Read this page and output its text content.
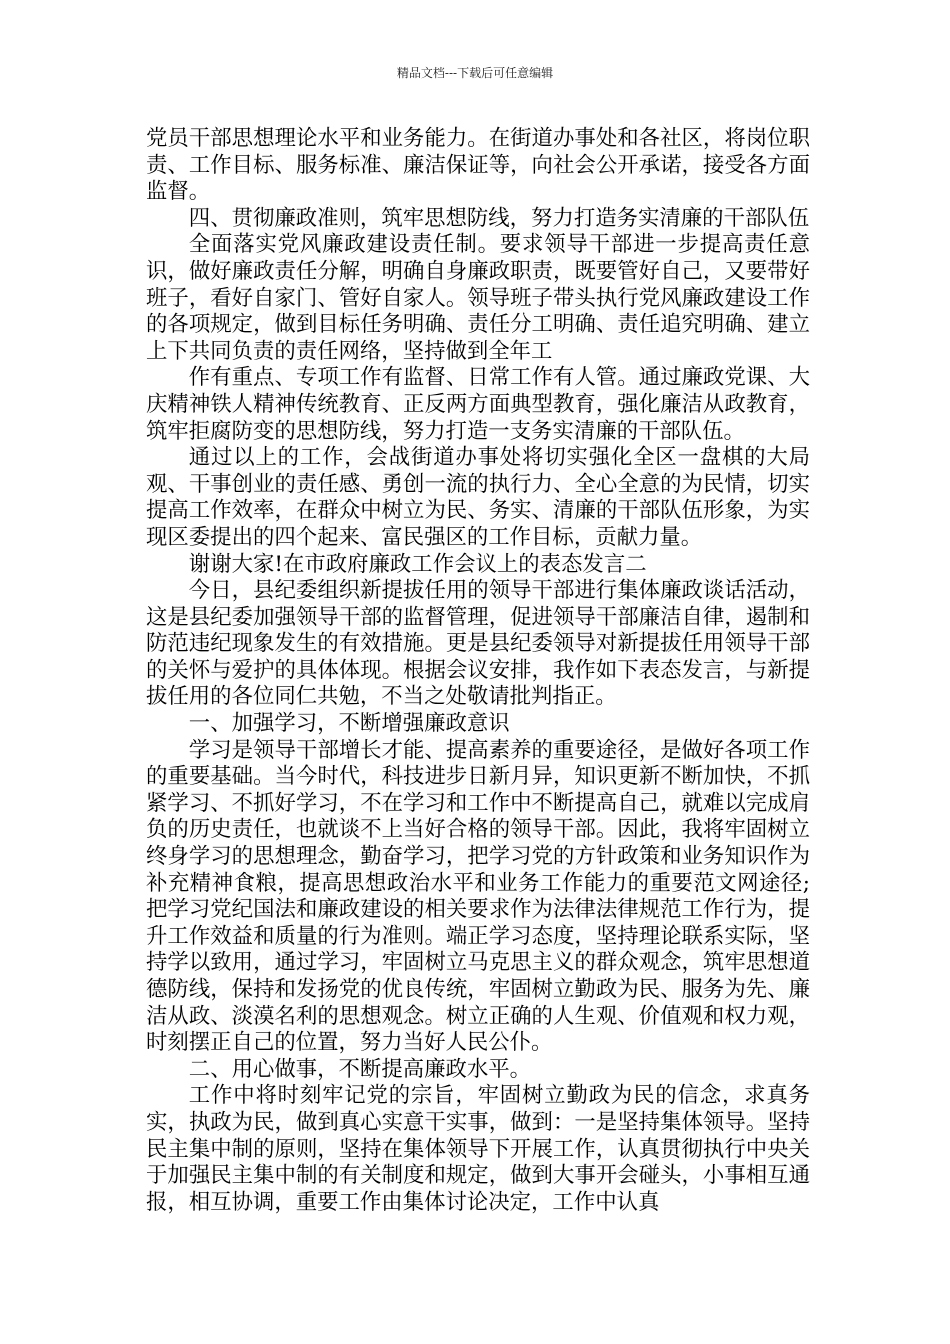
精品文档---下载后可任意编辑

党员干部思想理论水平和业务能力。在街道办事处和各社区，将岗位职责、工作目标、服务标准、廉洁保证等，向社会公开承诺，接受各方面监督。

四、贯彻廉政准则，筑牢思想防线，努力打造务实清廉的干部队伍

全面落实党风廉政建设责任制。要求领导干部进一步提高责任意识，做好廉政责任分解，明确自身廉政职责，既要管好自己，又要带好班子，看好自家门、管好自家人。领导班子带头执行党风廉政建设工作的各项规定，做到目标任务明确、责任分工明确、责任追究明确、建立上下共同负责的责任网络，坚持做到全年工

作有重点、专项工作有监督、日常工作有人管。通过廉政党课、大庆精神铁人精神传统教育、正反两方面典型教育，强化廉洁从政教育，筑牢拒腐防变的思想防线，努力打造一支务实清廉的干部队伍。

通过以上的工作，会战街道办事处将切实强化全区一盘棋的大局观、干事创业的责任感、勇创一流的执行力、全心全意的为民情，切实提高工作效率，在群众中树立为民、务实、清廉的干部队伍形象，为实现区委提出的四个起来、富民强区的工作目标，贡献力量。

谢谢大家!在市政府廉政工作会议上的表态发言二

今日，县纪委组织新提拔任用的领导干部进行集体廉政谈话活动，这是县纪委加强领导干部的监督管理，促进领导干部廉洁自律，遏制和防范违纪现象发生的有效措施。更是县纪委领导对新提拔任用领导干部的关怀与爱护的具体体现。根据会议安排，我作如下表态发言，与新提拔任用的各位同仁共勉，不当之处敬请批判指正。

一、加强学习，不断增强廉政意识

学习是领导干部增长才能、提高素养的重要途径，是做好各项工作的重要基础。当今时代，科技进步日新月异，知识更新不断加快，不抓紧学习、不抓好学习，不在学习和工作中不断提高自己，就难以完成肩负的历史责任，也就谈不上当好合格的领导干部。因此，我将牢固树立终身学习的思想理念，勤奋学习，把学习党的方针政策和业务知识作为补充精神食粮，提高思想政治水平和业务工作能力的重要范文网途径;把学习党纪国法和廉政建设的相关要求作为法律法律规范工作行为，提升工作效益和质量的行为准则。端正学习态度，坚持理论联系实际，坚持学以致用，通过学习，牢固树立马克思主义的群众观念，筑牢思想道德防线，保持和发扬党的优良传统，牢固树立勤政为民、服务为先、廉洁从政、淡漠名利的思想观念。树立正确的人生观、价值观和权力观，时刻摆正自己的位置，努力当好人民公仆。

二、用心做事，不断提高廉政水平。

工作中将时刻牢记党的宗旨，牢固树立勤政为民的信念，求真务实，执政为民，做到真心实意干实事，做到：一是坚持集体领导。坚持民主集中制的原则，坚持在集体领导下开展工作，认真贯彻执行中央关于加强民主集中制的有关制度和规定，做到大事开会碰头，小事相互通报，相互协调，重要工作由集体讨论决定，工作中认真
